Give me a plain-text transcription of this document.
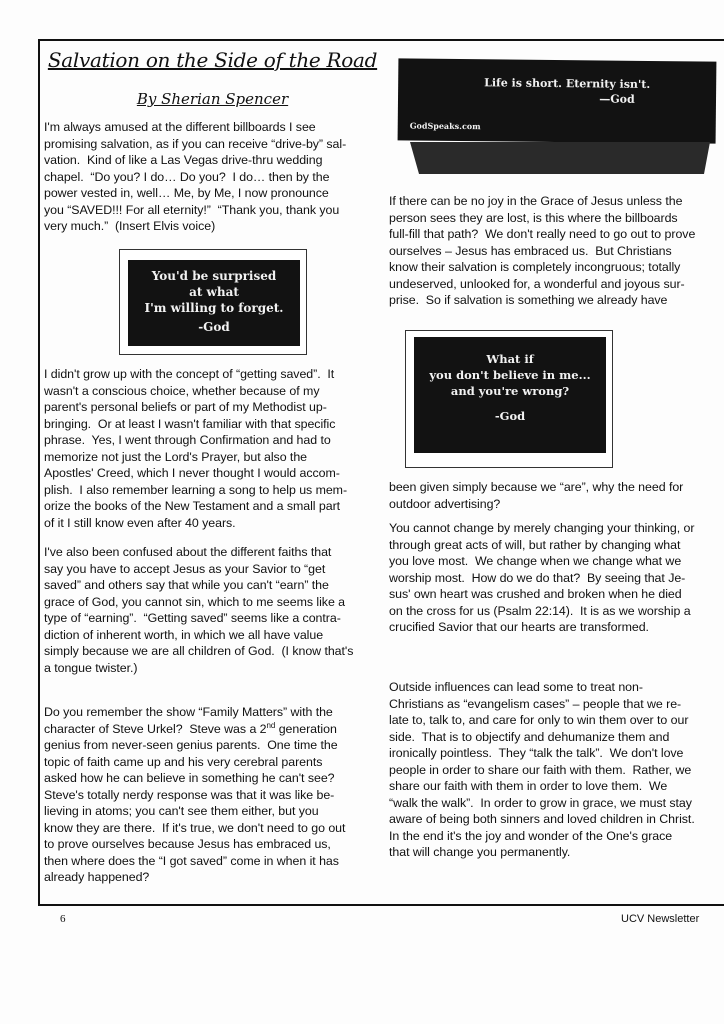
Salvation on the Side of the Road
By Sherian Spencer
I'm always amused at the different billboards I see
promising salvation, as if you can receive “drive-by” sal-
vation.  Kind of like a Las Vegas drive-thru wedding
chapel.  “Do you? I do… Do you?  I do… then by the
power vested in, well… Me, by Me, I now pronounce
you “SAVED!!! For all eternity!”  “Thank you, thank you
very much.”  (Insert Elvis voice)
You'd be surprised
at what
I'm willing to forget.
-God
I didn't grow up with the concept of “getting saved”.  It
wasn't a conscious choice, whether because of my
parent's personal beliefs or part of my Methodist up-
bringing.  Or at least I wasn't familiar with that specific
phrase.  Yes, I went through Confirmation and had to
memorize not just the Lord's Prayer, but also the
Apostles' Creed, which I never thought I would accom-
plish.  I also remember learning a song to help us mem-
orize the books of the New Testament and a small part
of it I still know even after 40 years.
I've also been confused about the different faiths that
say you have to accept Jesus as your Savior to “get
saved” and others say that while you can't “earn” the
grace of God, you cannot sin, which to me seems like a
type of “earning”.  “Getting saved” seems like a contra-
diction of inherent worth, in which we all have value
simply because we are all children of God.  (I know that's
a tongue twister.)
Do you remember the show “Family Matters” with the
character of Steve Urkel?  Steve was a 2nd generation
genius from never-seen genius parents.  One time the
topic of faith came up and his very cerebral parents
asked how he can believe in something he can't see?
Steve's totally nerdy response was that it was like be-
lieving in atoms; you can't see them either, but you
know they are there.  If it's true, we don't need to go out
to prove ourselves because Jesus has embraced us,
then where does the “I got saved” come in when it has
already happened?
Life is short. Eternity isn't.
—God
GodSpeaks.com
If there can be no joy in the Grace of Jesus unless the
person sees they are lost, is this where the billboards
full-fill that path?  We don't really need to go out to prove
ourselves – Jesus has embraced us.  But Christians
know their salvation is completely incongruous; totally
undeserved, unlooked for, a wonderful and joyous sur-
prise.  So if salvation is something we already have
What if
you don't believe in me...
and you're wrong?
-God
been given simply because we “are”, why the need for
outdoor advertising?
You cannot change by merely changing your thinking, or
through great acts of will, but rather by changing what
you love most.  We change when we change what we
worship most.  How do we do that?  By seeing that Je-
sus' own heart was crushed and broken when he died
on the cross for us (Psalm 22:14).  It is as we worship a
crucified Savior that our hearts are transformed.
Outside influences can lead some to treat non-
Christians as “evangelism cases” – people that we re-
late to, talk to, and care for only to win them over to our
side.  That is to objectify and dehumanize them and
ironically pointless.  They “talk the talk”.  We don't love
people in order to share our faith with them.  Rather, we
share our faith with them in order to love them.  We
“walk the walk”.  In order to grow in grace, we must stay
aware of being both sinners and loved children in Christ.
In the end it's the joy and wonder of the One's grace
that will change you permanently.
6	UCV Newsletter
